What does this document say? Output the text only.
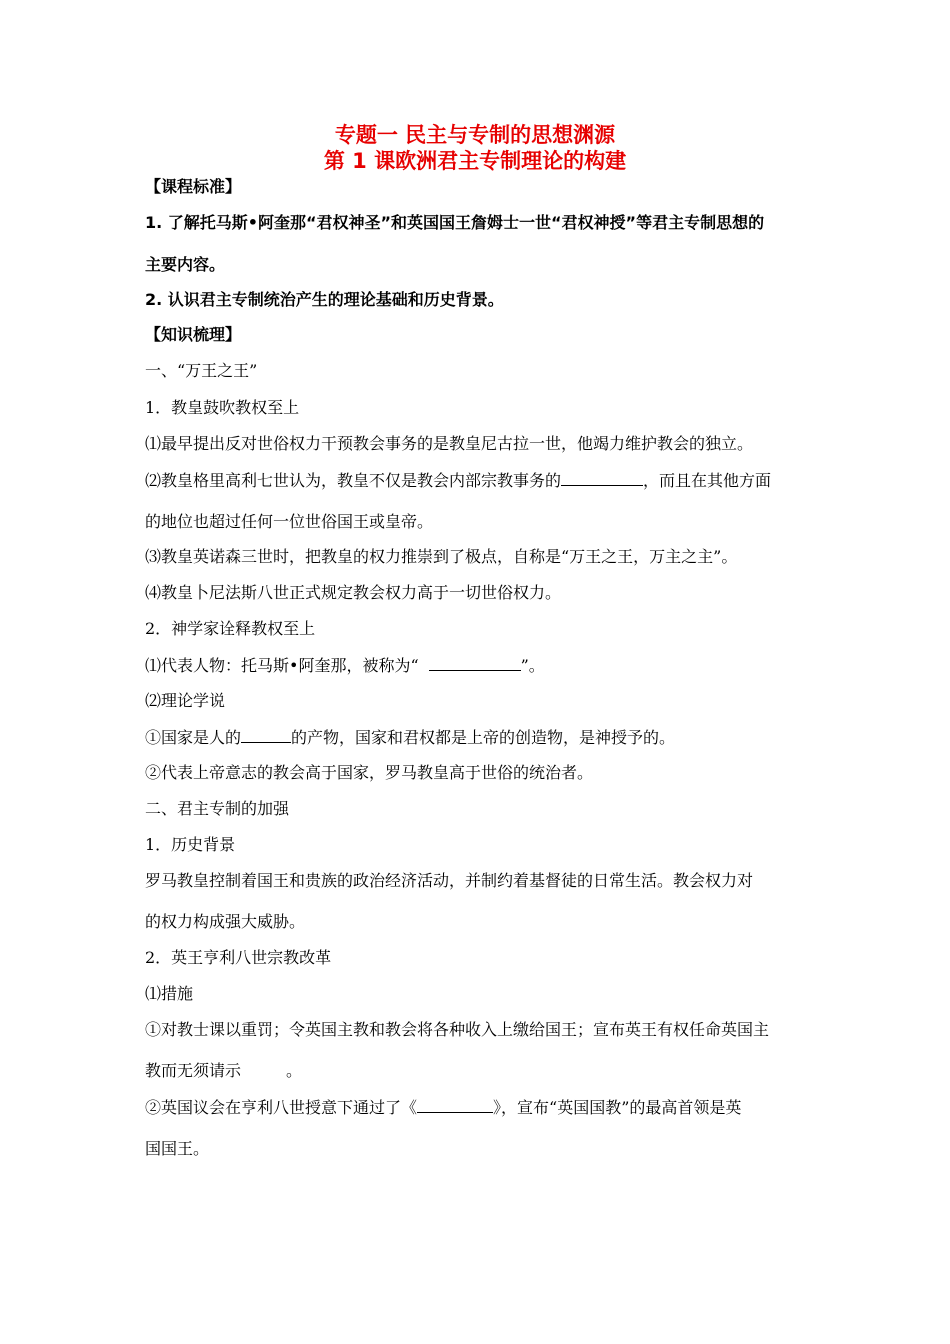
专题一 民主与专制的思想渊源
第 1 课欧洲君主专制理论的构建
【课程标准】
1. 了解托马斯•阿奎那“君权神圣”和英国国王詹姆士一世“君权神授”等君主专制思想的
主要内容。
2. 认识君主专制统治产生的理论基础和历史背景。
【知识梳理】
一、“万王之王”
1．教皇鼓吹教权至上
⑴最早提出反对世俗权力干预教会事务的是教皇尼古拉一世，他竭力维护教会的独立。
⑵教皇格里高利七世认为，教皇不仅是教会内部宗教事务的	，而且在其他方面
的地位也超过任何一位世俗国王或皇帝。
⑶教皇英诺森三世时，把教皇的权力推崇到了极点，自称是“万王之王，万主之主”。
⑷教皇卜尼法斯八世正式规定教会权力高于一切世俗权力。
2．神学家诠释教权至上
⑴代表人物：托马斯•阿奎那，被称为“	”。
⑵理论学说
①国家是人的	的产物，国家和君权都是上帝的创造物，是神授予的。
②代表上帝意志的教会高于国家，罗马教皇高于世俗的统治者。
二、君主专制的加强
1．历史背景
罗马教皇控制着国王和贵族的政治经济活动，并制约着基督徒的日常生活。教会权力对
的权力构成强大威胁。
2．英王亨利八世宗教改革
⑴措施
①对教士课以重罚；令英国主教和教会将各种收入上缴给国王；宣布英王有权任命英国主
教而无须请示	。
②英国议会在亨利八世授意下通过了《	》，宣布“英国国教”的最高首领是英
国国王。
